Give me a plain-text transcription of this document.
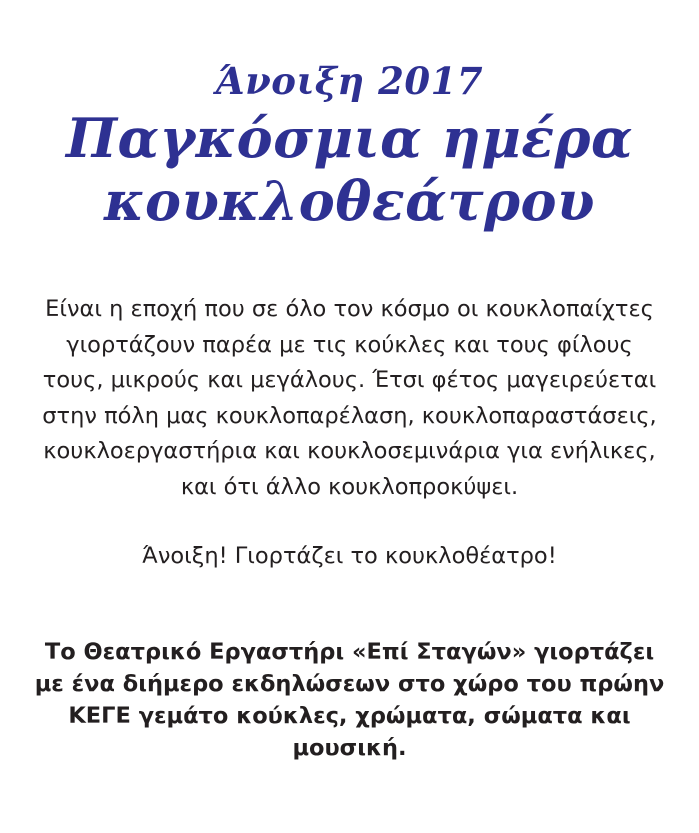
Άνοιξη 2017
Παγκόσμια ημέρα
κουκλοθεάτρου

Είναι η εποχή που σε όλο τον κόσμο οι κουκλοπαίχτες γιορτάζουν παρέα με τις κούκλες και τους φίλους τους, μικρούς και μεγάλους. Έτσι φέτος μαγειρεύεται στην πόλη μας κουκλοπαρέλαση, κουκλοπαραστάσεις, κουκλοεργαστήρια και κουκλοσεμινάρια για ενήλικες, και ότι άλλο κουκλοπροκύψει.

Άνοιξη! Γιορτάζει το κουκλοθέατρο!

Το Θεατρικό Εργαστήρι «Επί Σταγών» γιορτάζει με ένα διήμερο εκδηλώσεων στο χώρο του πρώην ΚΕΓΕ γεμάτο κούκλες, χρώματα, σώματα και μουσική.
